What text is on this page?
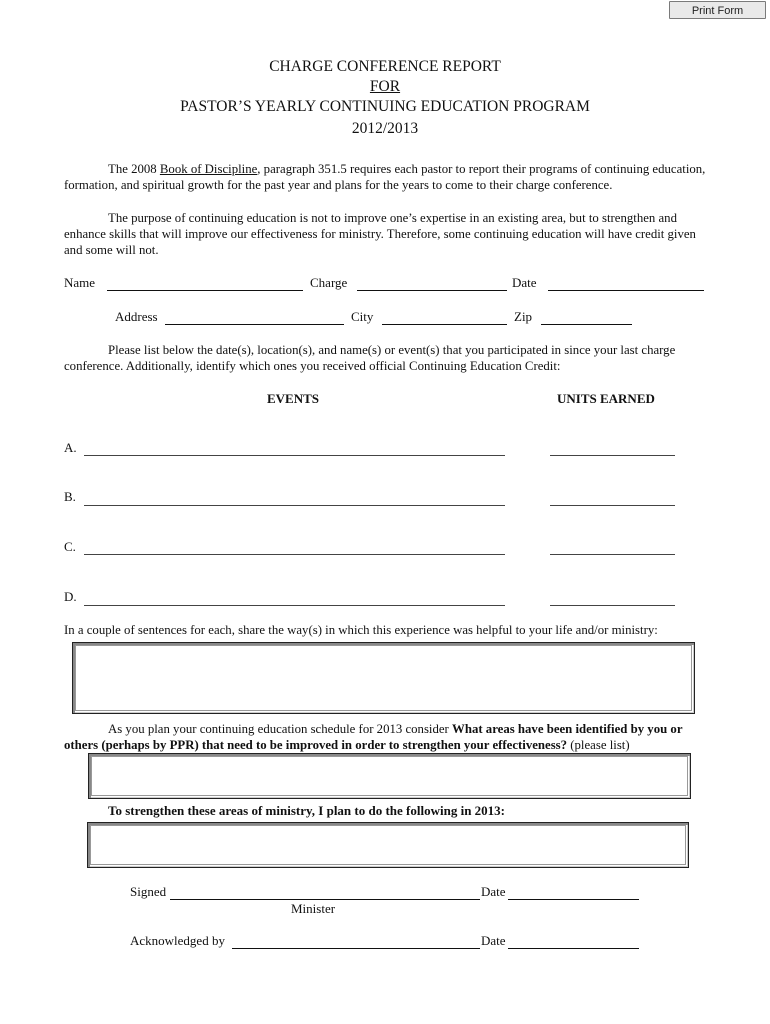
Print Form
CHARGE CONFERENCE REPORT
FOR
PASTOR’S YEARLY CONTINUING EDUCATION PROGRAM
2012/2013

The 2008 Book of Discipline, paragraph 351.5 requires each pastor to report their programs of continuing education, formation, and spiritual growth for the past year and plans for the years to come to their charge conference.

The purpose of continuing education is not to improve one’s expertise in an existing area, but to strengthen and enhance skills that will improve our effectiveness for ministry. Therefore, some continuing education will have credit given and some will not.

Name	Charge	Date
Address	City	Zip

Please list below the date(s), location(s), and name(s) or event(s) that you participated in since your last charge conference. Additionally, identify which ones you received official Continuing Education Credit:

EVENTS	UNITS EARNED
A.
B.
C.
D.
In a couple of sentences for each, share the way(s) in which this experience was helpful to your life and/or ministry:

As you plan your continuing education schedule for 2013 consider What areas have been identified by you or others (perhaps by PPR) that need to be improved in order to strengthen your effectiveness? (please list)

To strengthen these areas of ministry, I plan to do the following in 2013:
Signed	Date
Minister
Acknowledged by	Date
